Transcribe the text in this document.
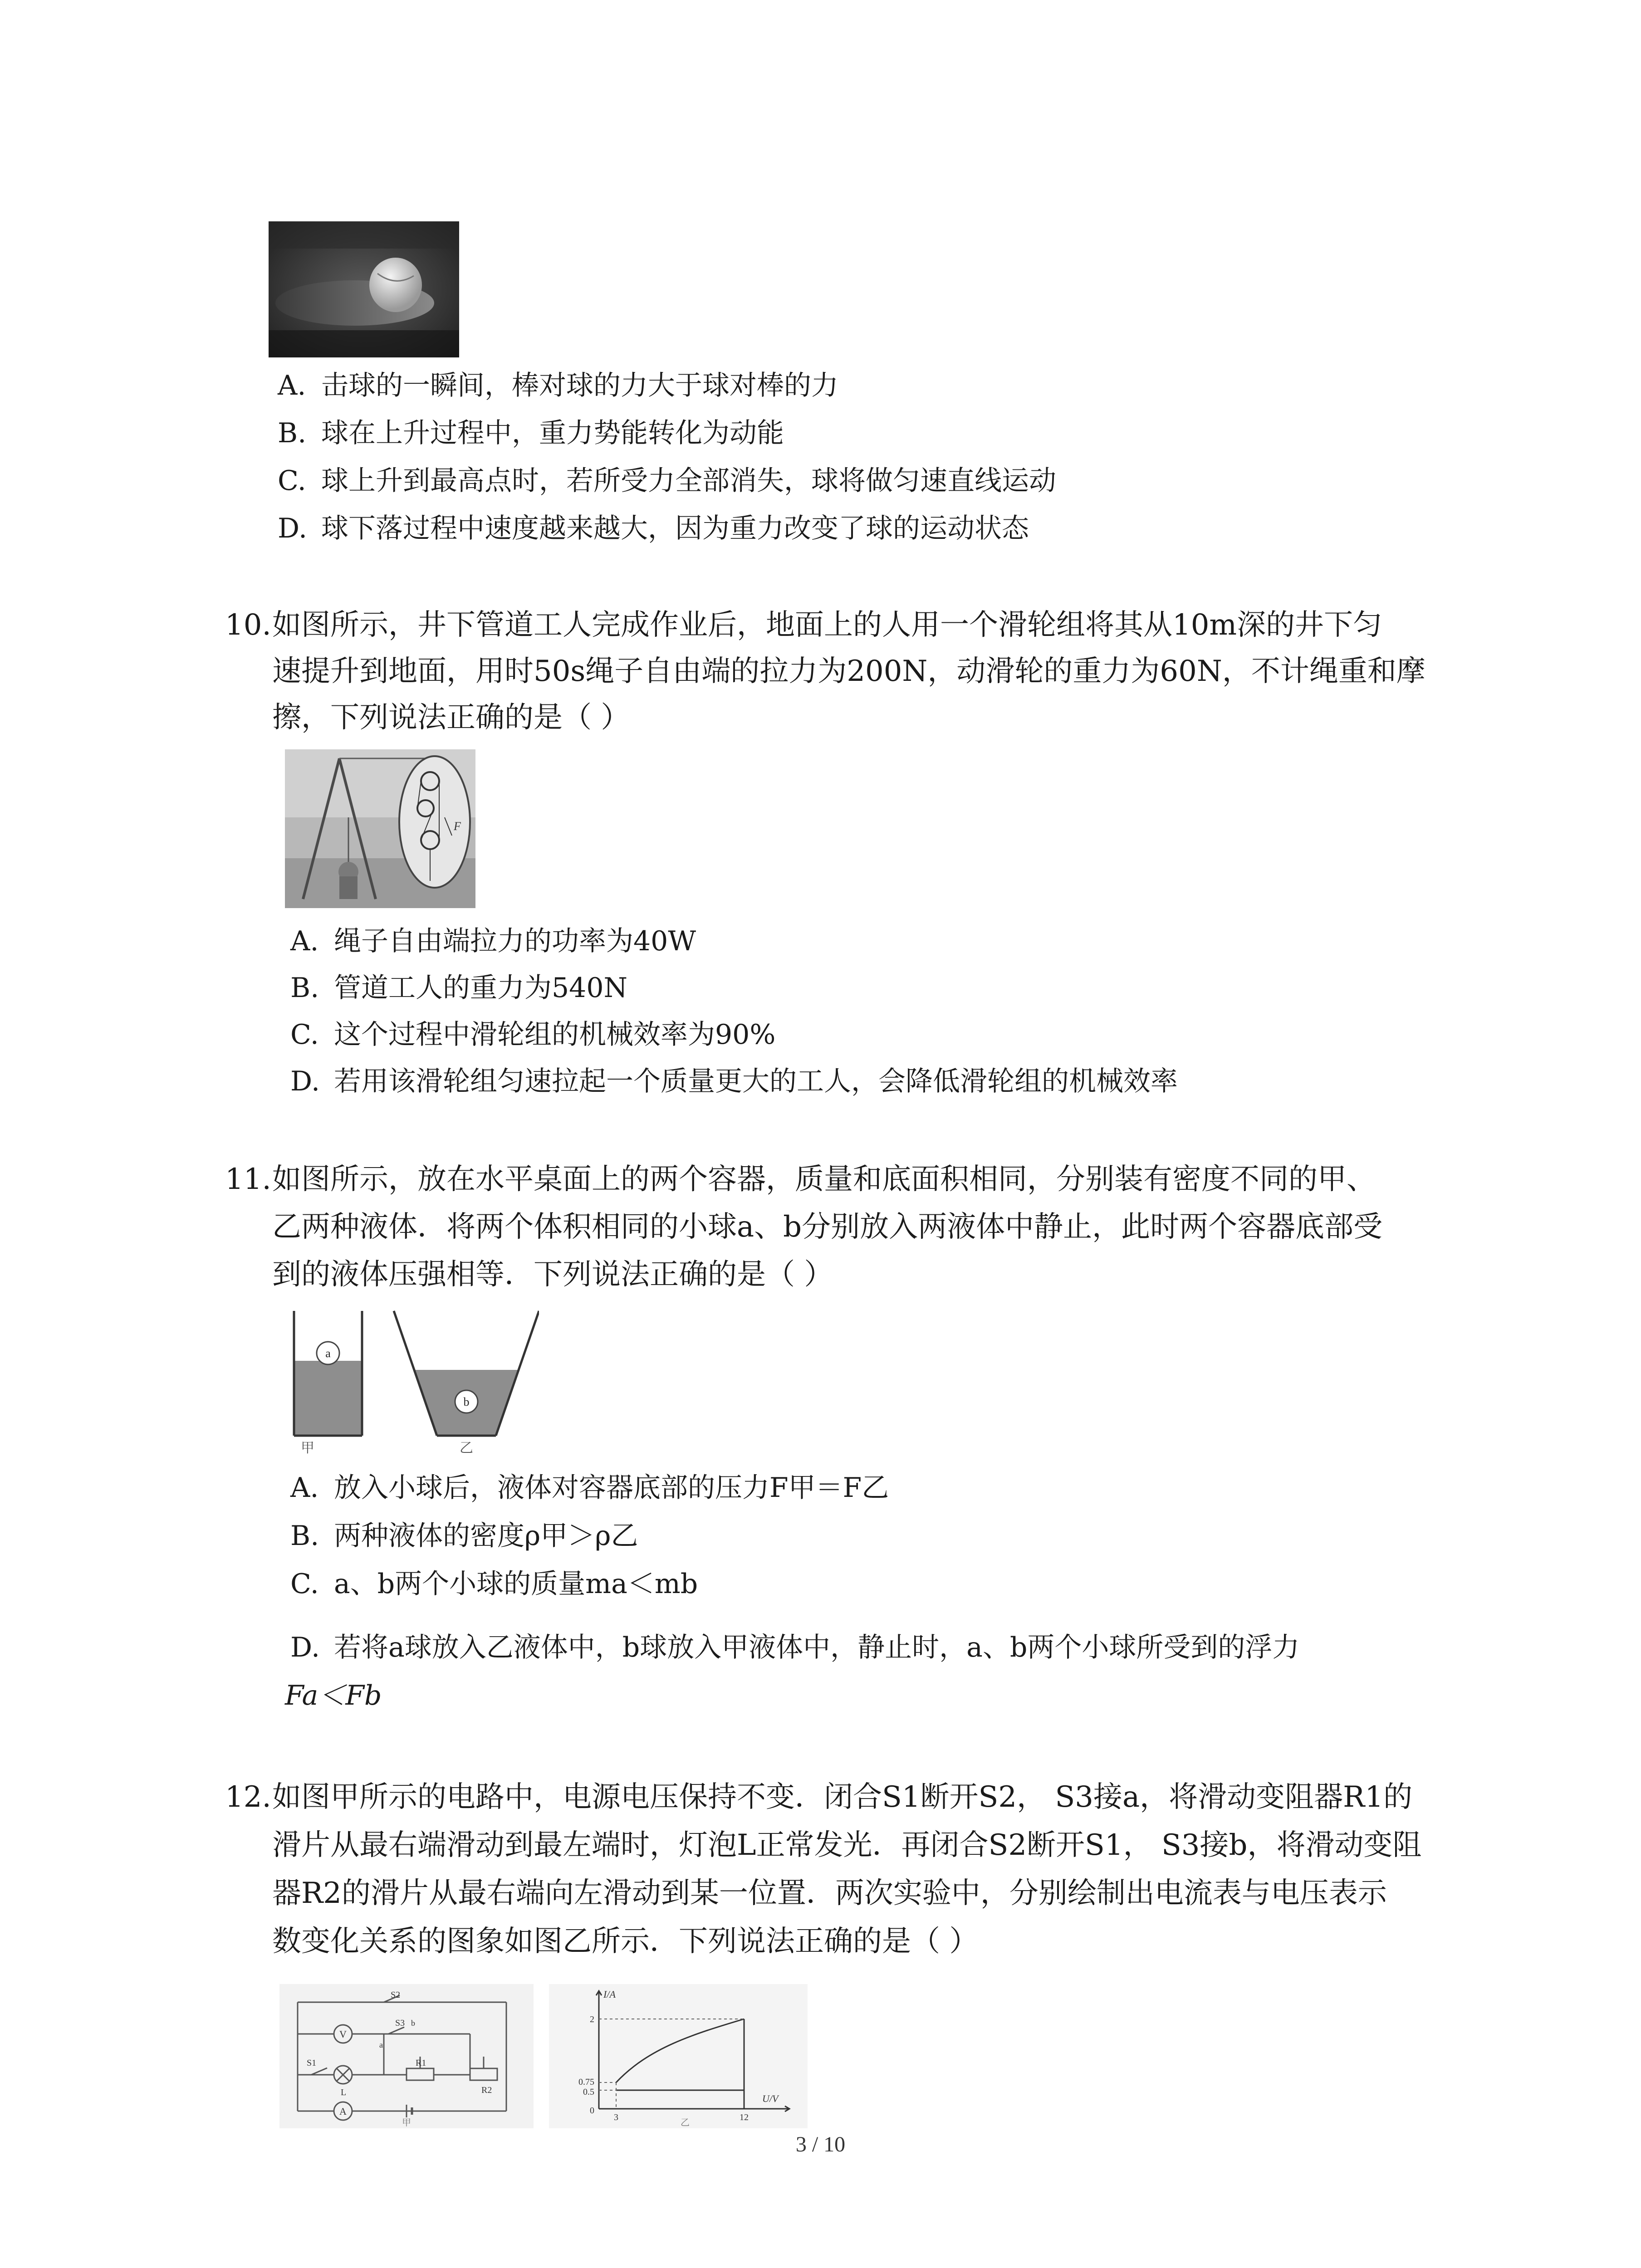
A. 击球的一瞬间，棒对球的力大于球对棒的力
B. 球在上升过程中，重力势能转化为动能
C. 球上升到最高点时，若所受力全部消失，球将做匀速直线运动
D. 球下落过程中速度越来越大，因为重力改变了球的运动状态
10.如图所示，井下管道工人完成作业后，地面上的人用一个滑轮组将其从10m深的井下匀
速提升到地面，用时50s绳子自由端的拉力为200N，动滑轮的重力为60N，不计绳重和摩
擦，下列说法正确的是（ ）
F
A. 绳子自由端拉力的功率为40W
B. 管道工人的重力为540N
C. 这个过程中滑轮组的机械效率为90%
D. 若用该滑轮组匀速拉起一个质量更大的工人，会降低滑轮组的机械效率
11.如图所示，放在水平桌面上的两个容器，质量和底面积相同，分别装有密度不同的甲、
乙两种液体．将两个体积相同的小球a、b分别放入两液体中静止，此时两个容器底部受
到的液体压强相等．下列说法正确的是（ ）
a
b
甲	乙
A. 放入小球后，液体对容器底部的压力F甲＝F乙
B. 两种液体的密度ρ甲＞ρ乙
C. a、b两个小球的质量ma＜mb
D. 若将a球放入乙液体中，b球放入甲液体中，静止时，a、b两个小球所受到的浮力
Fa＜Fb
12.如图甲所示的电路中，电源电压保持不变．闭合S1断开S2， S3接a，将滑动变阻器R1的
滑片从最右端滑动到最左端时，灯泡L正常发光．再闭合S2断开S1， S3接b，将滑动变阻
器R2的滑片从最右端向左滑动到某一位置．两次实验中，分别绘制出电流表与电压表示
数变化关系的图象如图乙所示．下列说法正确的是（ ）
V
A
S2
S3 b
a
S1	R1
R2
L
甲
I/A
U/V
2
0.75
0.5
0
3	12
乙
3 / 10
